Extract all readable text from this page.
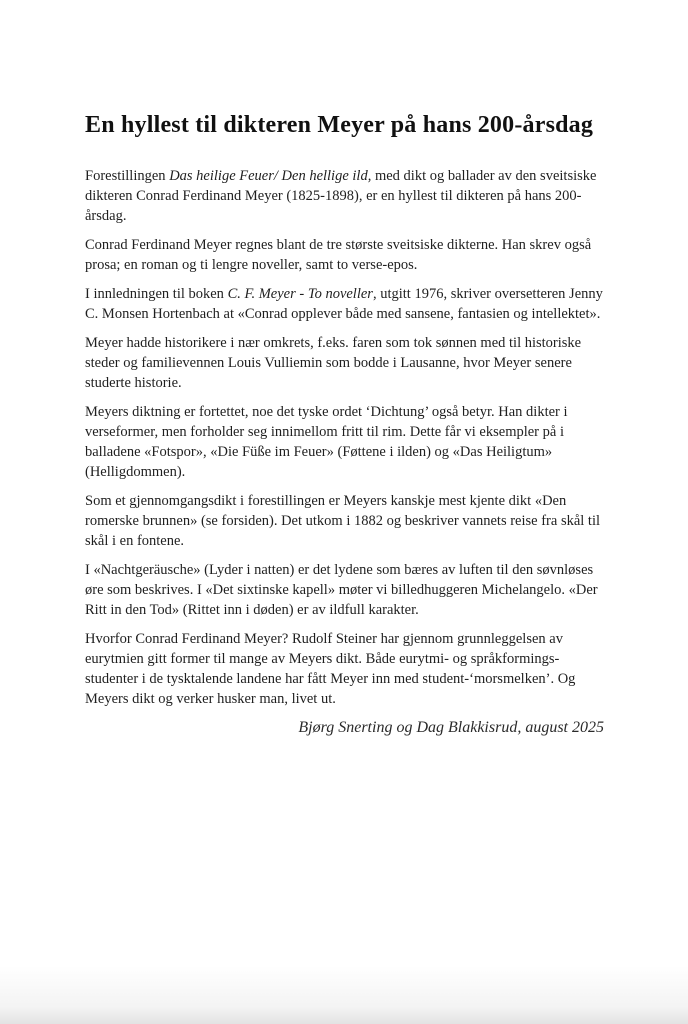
En hyllest til dikteren Meyer på hans 200-årsdag

Forestillingen Das heilige Feuer/ Den hellige ild, med dikt og ballader av den sveitsiske dikteren Conrad Ferdinand Meyer (1825-1898), er en hyllest til dikteren på hans 200-årsdag.

Conrad Ferdinand Meyer regnes blant de tre største sveitsiske dikterne. Han skrev også prosa; en roman og ti lengre noveller, samt to verse-epos.

I innledningen til boken C. F. Meyer - To noveller, utgitt 1976, skriver oversetteren Jenny C. Monsen Hortenbach at «Conrad opplever både med sansene, fantasien og intellektet».

Meyer hadde historikere i nær omkrets, f.eks. faren som tok sønnen med til historiske steder og familievennen Louis Vulliemin som bodde i Lausanne, hvor Meyer senere studerte historie.

Meyers diktning er fortettet, noe det tyske ordet ‘Dichtung’ også betyr. Han dikter i verseformer, men forholder seg innimellom fritt til rim. Dette får vi eksempler på i balladene «Fotspor», «Die Füße im Feuer» (Føttene i ilden) og «Das Heiligtum» (Helligdommen).

Som et gjennomgangsdikt i forestillingen er Meyers kanskje mest kjente dikt «Den romerske brunnen» (se forsiden). Det utkom i 1882 og beskriver vannets reise fra skål til skål i en fontene.

I «Nachtgeräusche» (Lyder i natten) er det lydene som bæres av luften til den søvnløses øre som beskrives. I «Det sixtinske kapell» møter vi billedhuggeren Michelangelo. «Der Ritt in den Tod» (Rittet inn i døden) er av ildfull karakter.

Hvorfor Conrad Ferdinand Meyer? Rudolf Steiner har gjennom grunnleggelsen av eurytmien gitt former til mange av Meyers dikt. Både eurytmi- og språkformings-studenter i de tysktalende landene har fått Meyer inn med student-‘morsmelken’. Og Meyers dikt og verker husker man, livet ut.

Bjørg Snerting og Dag Blakkisrud, august 2025
